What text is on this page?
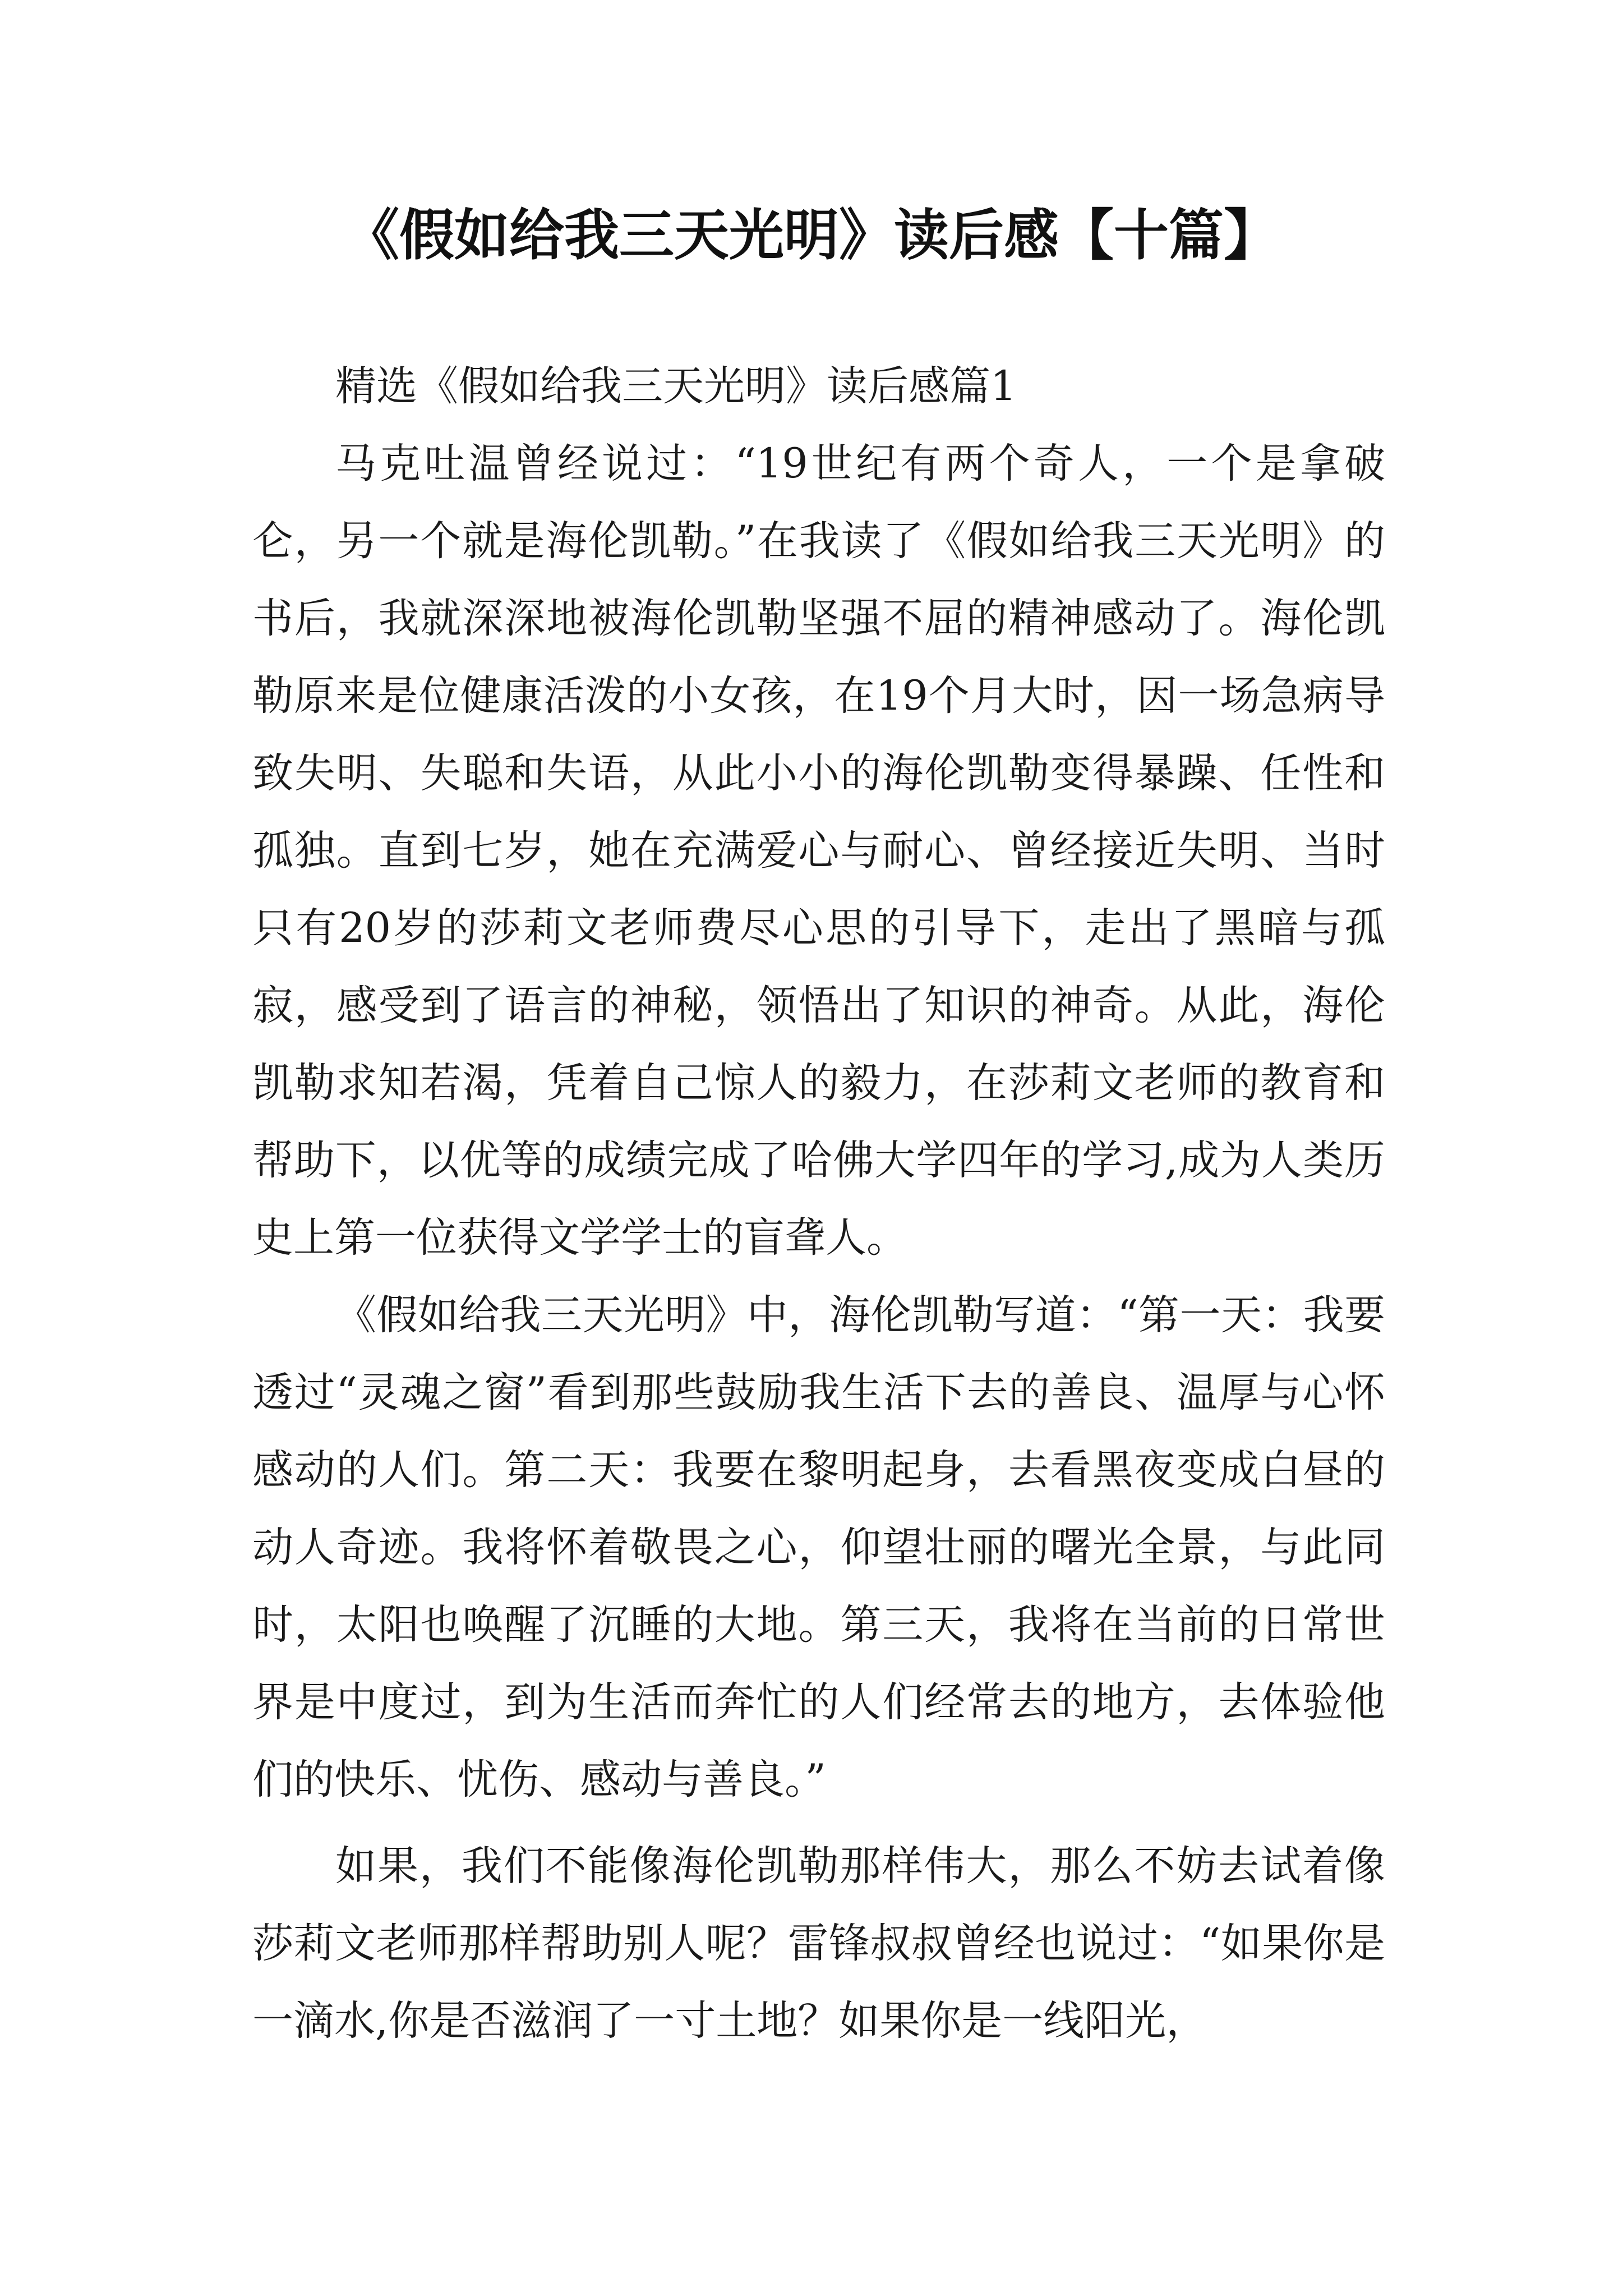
《假如给我三天光明》读后感【十篇】

精选《假如给我三天光明》读后感篇1

马克吐温曾经说过：“19世纪有两个奇人，一个是拿破仑，另一个就是海伦凯勒。”在我读了《假如给我三天光明》的书后，我就深深地被海伦凯勒坚强不屈的精神感动了。海伦凯勒原来是位健康活泼的小女孩，在19个月大时，因一场急病导致失明、失聪和失语，从此小小的海伦凯勒变得暴躁、任性和孤独。直到七岁，她在充满爱心与耐心、曾经接近失明、当时只有20岁的莎莉文老师费尽心思的引导下，走出了黑暗与孤寂，感受到了语言的神秘，领悟出了知识的神奇。从此，海伦凯勒求知若渴，凭着自己惊人的毅力，在莎莉文老师的教育和帮助下，以优等的成绩完成了哈佛大学四年的学习,成为人类历史上第一位获得文学学士的盲聋人。

《假如给我三天光明》中，海伦凯勒写道：“第一天：我要透过“灵魂之窗”看到那些鼓励我生活下去的善良、温厚与心怀感动的人们。第二天：我要在黎明起身，去看黑夜变成白昼的动人奇迹。我将怀着敬畏之心，仰望壮丽的曙光全景，与此同时，太阳也唤醒了沉睡的大地。第三天，我将在当前的日常世界是中度过，到为生活而奔忙的人们经常去的地方，去体验他们的快乐、忧伤、感动与善良。”

如果，我们不能像海伦凯勒那样伟大，那么不妨去试着像莎莉文老师那样帮助别人呢？雷锋叔叔曾经也说过：“如果你是一滴水,你是否滋润了一寸土地？如果你是一线阳光，
